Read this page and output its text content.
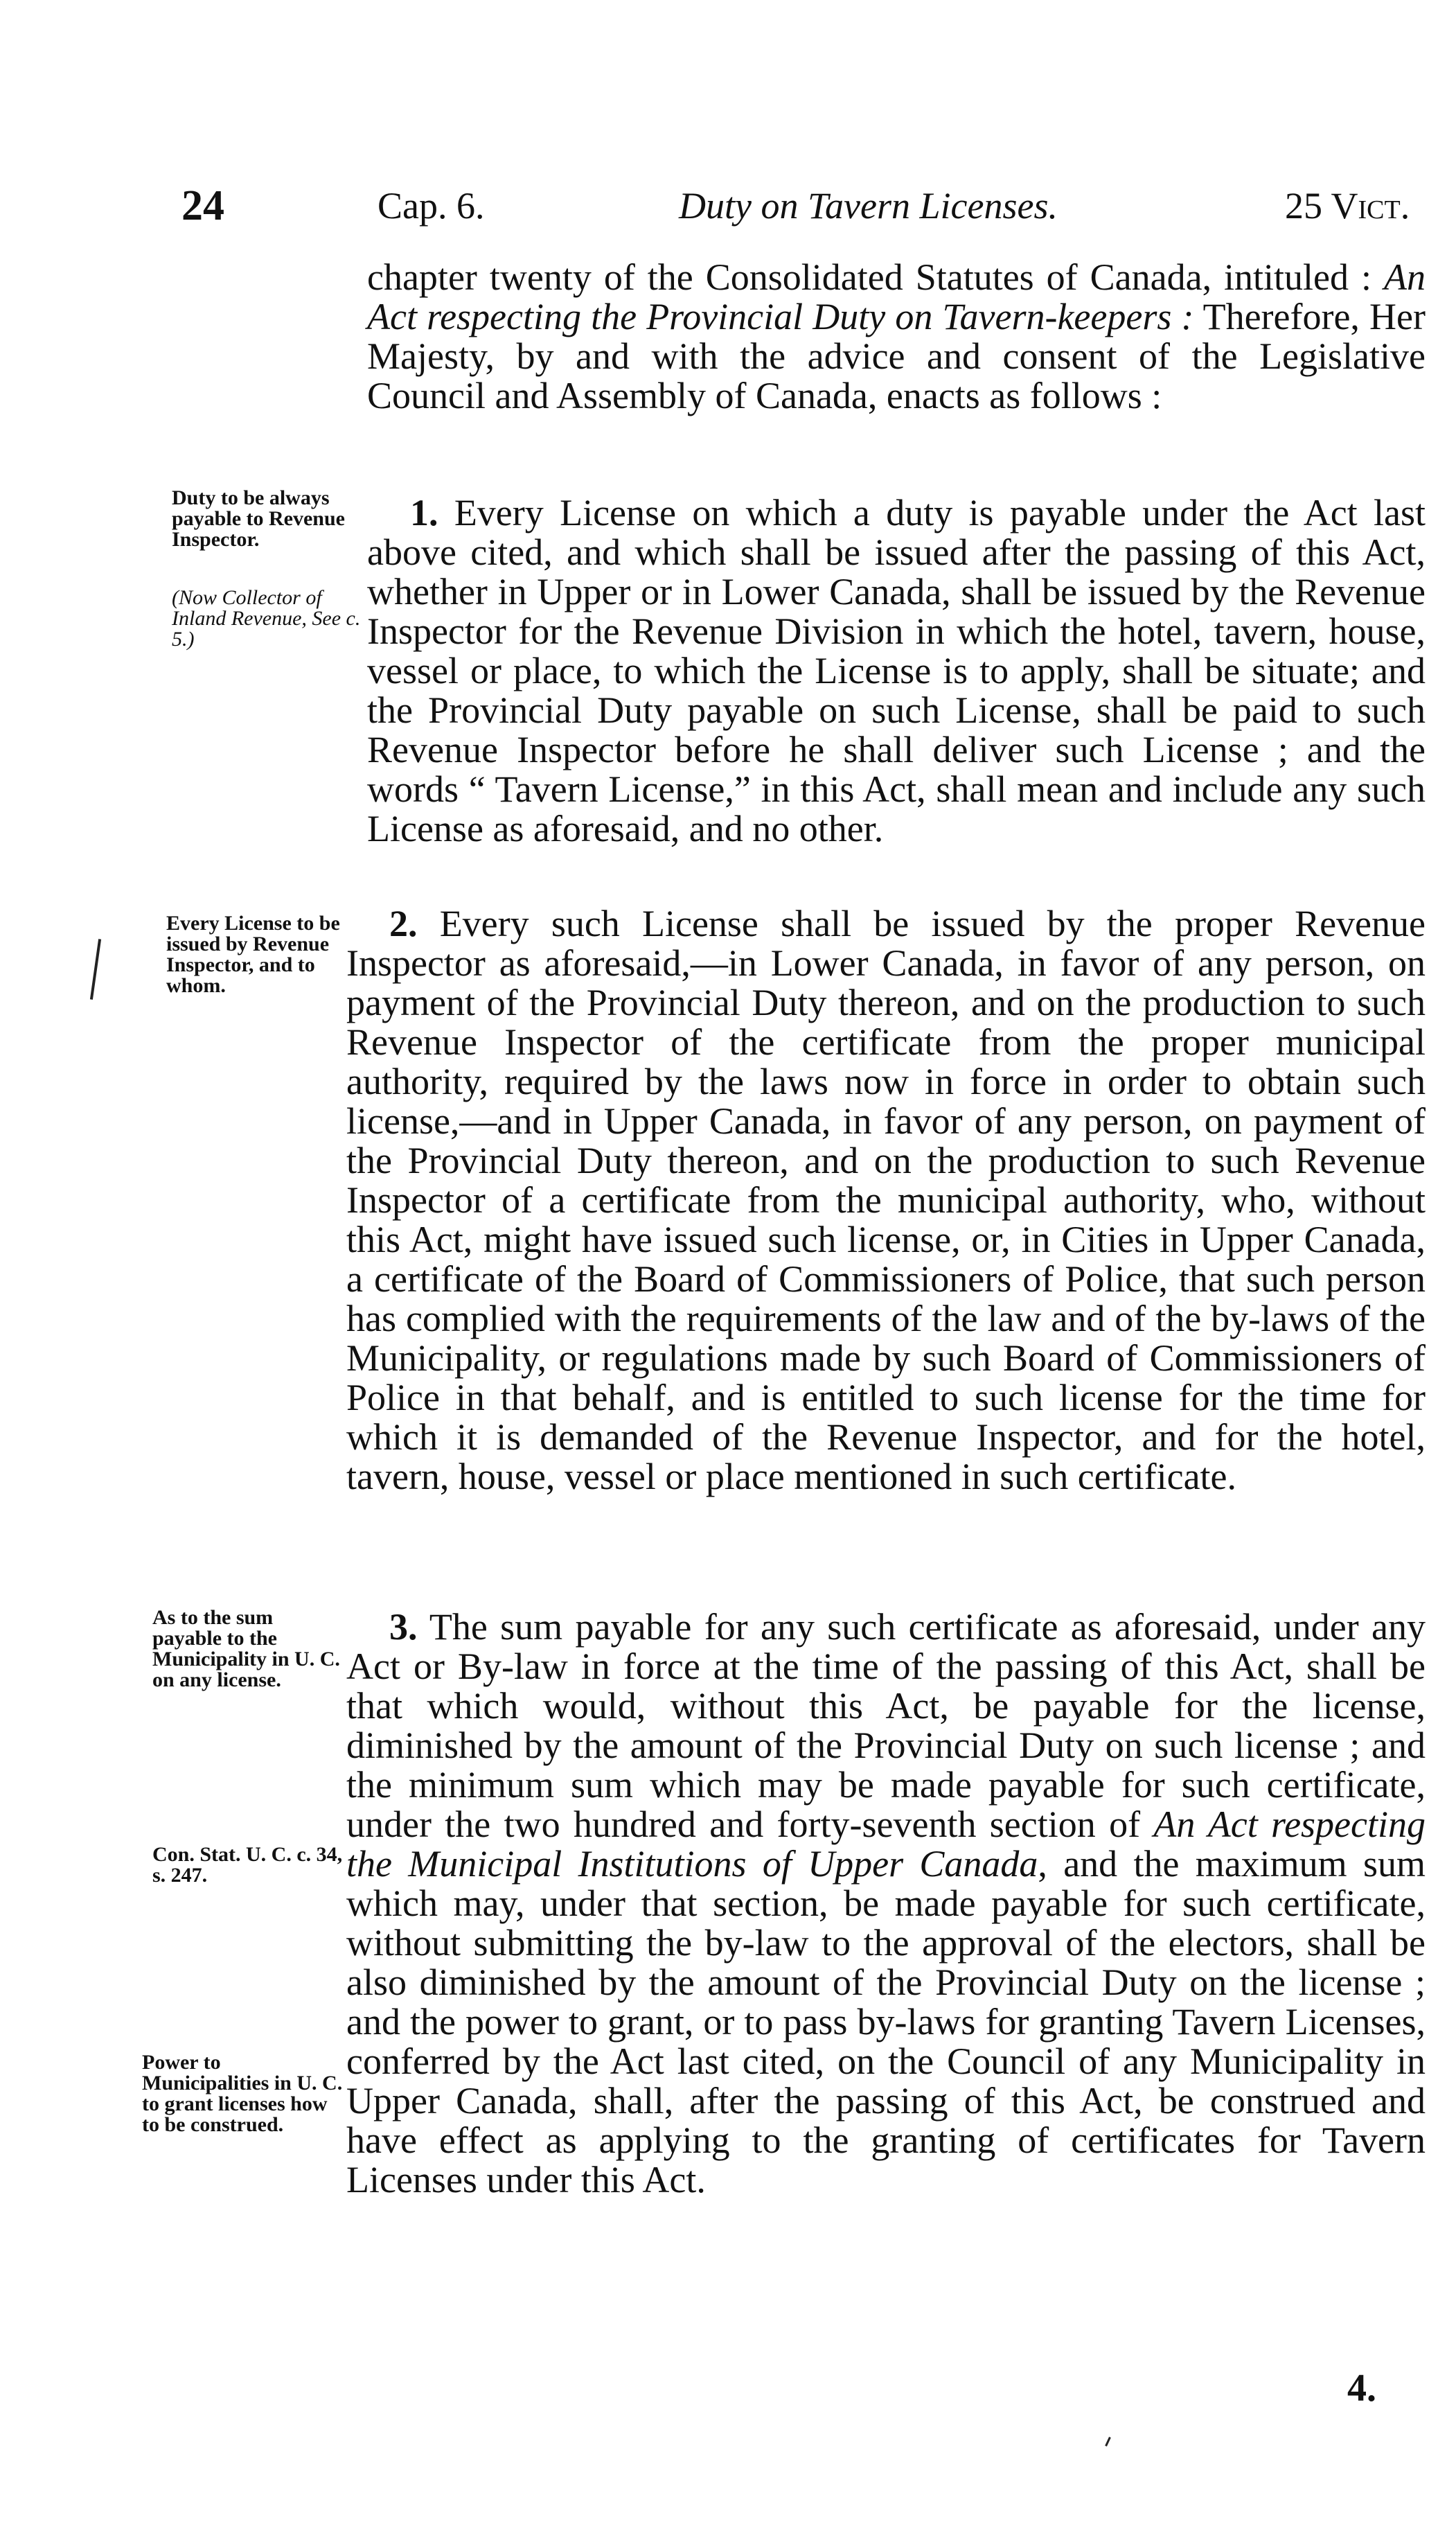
24	Cap. 6.	Duty on Tavern Licenses.	25 Vict.

chapter twenty of the Consolidated Statutes of Canada, intituled : An Act respecting the Provincial Duty on Tavern-keepers : Therefore, Her Majesty, by and with the advice and consent of the Legislative Council and Assembly of Canada, enacts as follows :

Duty to be always payable to Revenue Inspector.
(Now Collector of Inland Revenue, See c. 5.)

1. Every License on which a duty is payable under the Act last above cited, and which shall be issued after the passing of this Act, whether in Upper or in Lower Canada, shall be issued by the Revenue Inspector for the Revenue Division in which the hotel, tavern, house, vessel or place, to which the License is to apply, shall be situate; and the Provincial Duty payable on such License, shall be paid to such Revenue Inspector before he shall deliver such License ; and the words “ Tavern License,” in this Act, shall mean and include any such License as aforesaid, and no other.

Every License to be issued by Revenue Inspector, and to whom.

2. Every such License shall be issued by the proper Revenue Inspector as aforesaid,—in Lower Canada, in favor of any person, on payment of the Provincial Duty thereon, and on the production to such Revenue Inspector of the certificate from the proper municipal authority, required by the laws now in force in order to obtain such license,—and in Upper Canada, in favor of any person, on payment of the Provincial Duty thereon, and on the production to such Revenue Inspector of a certificate from the municipal authority, who, without this Act, might have issued such license, or, in Cities in Upper Canada, a certificate of the Board of Commissioners of Police, that such person has complied with the requirements of the law and of the by-laws of the Municipality, or regulations made by such Board of Commissioners of Police in that behalf, and is entitled to such license for the time for which it is demanded of the Revenue Inspector, and for the hotel, tavern, house, vessel or place mentioned in such certificate.

As to the sum payable to the Municipality in U. C. on any license.
Con. Stat. U. C. c. 34, s. 247.
Power to Municipalities in U. C. to grant licenses how to be construed.

3. The sum payable for any such certificate as aforesaid, under any Act or By-law in force at the time of the passing of this Act, shall be that which would, without this Act, be payable for the license, diminished by the amount of the Provincial Duty on such license ; and the minimum sum which may be made payable for such certificate, under the two hundred and forty-seventh section of An Act respecting the Municipal Institutions of Upper Canada, and the maximum sum which may, under that section, be made payable for such certificate, without submitting the by-law to the approval of the electors, shall be also diminished by the amount of the Provincial Duty on the license ; and the power to grant, or to pass by-laws for granting Tavern Licenses, conferred by the Act last cited, on the Council of any Municipality in Upper Canada, shall, after the passing of this Act, be construed and have effect as applying to the granting of certificates for Tavern Licenses under this Act.

4.
